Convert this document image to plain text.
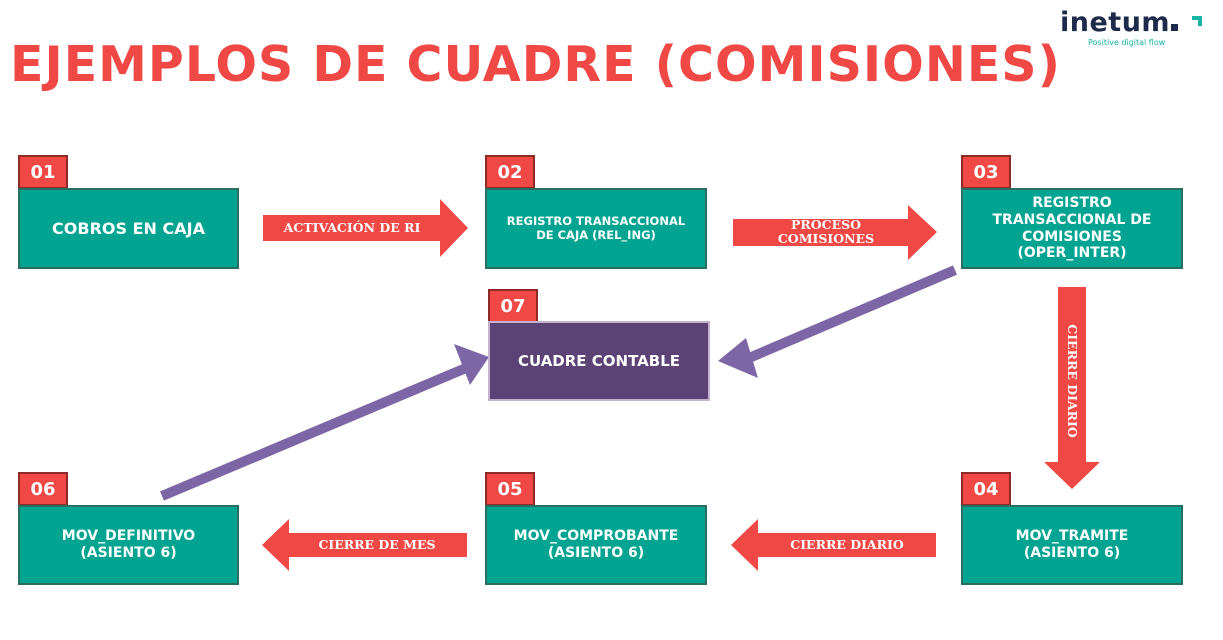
EJEMPLOS DE CUADRE (COMISIONES)
inetum
Positive digital flow
ACTIVACIÓN DE RI	PROCESO COMISIONES
CIERRE DIARIO
CIERRE DIARIO
CIERRE DE MES
01
COBROS EN CAJA
02
REGISTRO TRANSACCIONAL DE CAJA (REL_ING)
03
REGISTRO TRANSACCIONAL DE COMISIONES (OPER_INTER)
04
MOV_TRAMITE (ASIENTO 6)
05
MOV_COMPROBANTE (ASIENTO 6)
06
MOV_DEFINITIVO (ASIENTO 6)
07
CUADRE CONTABLE
